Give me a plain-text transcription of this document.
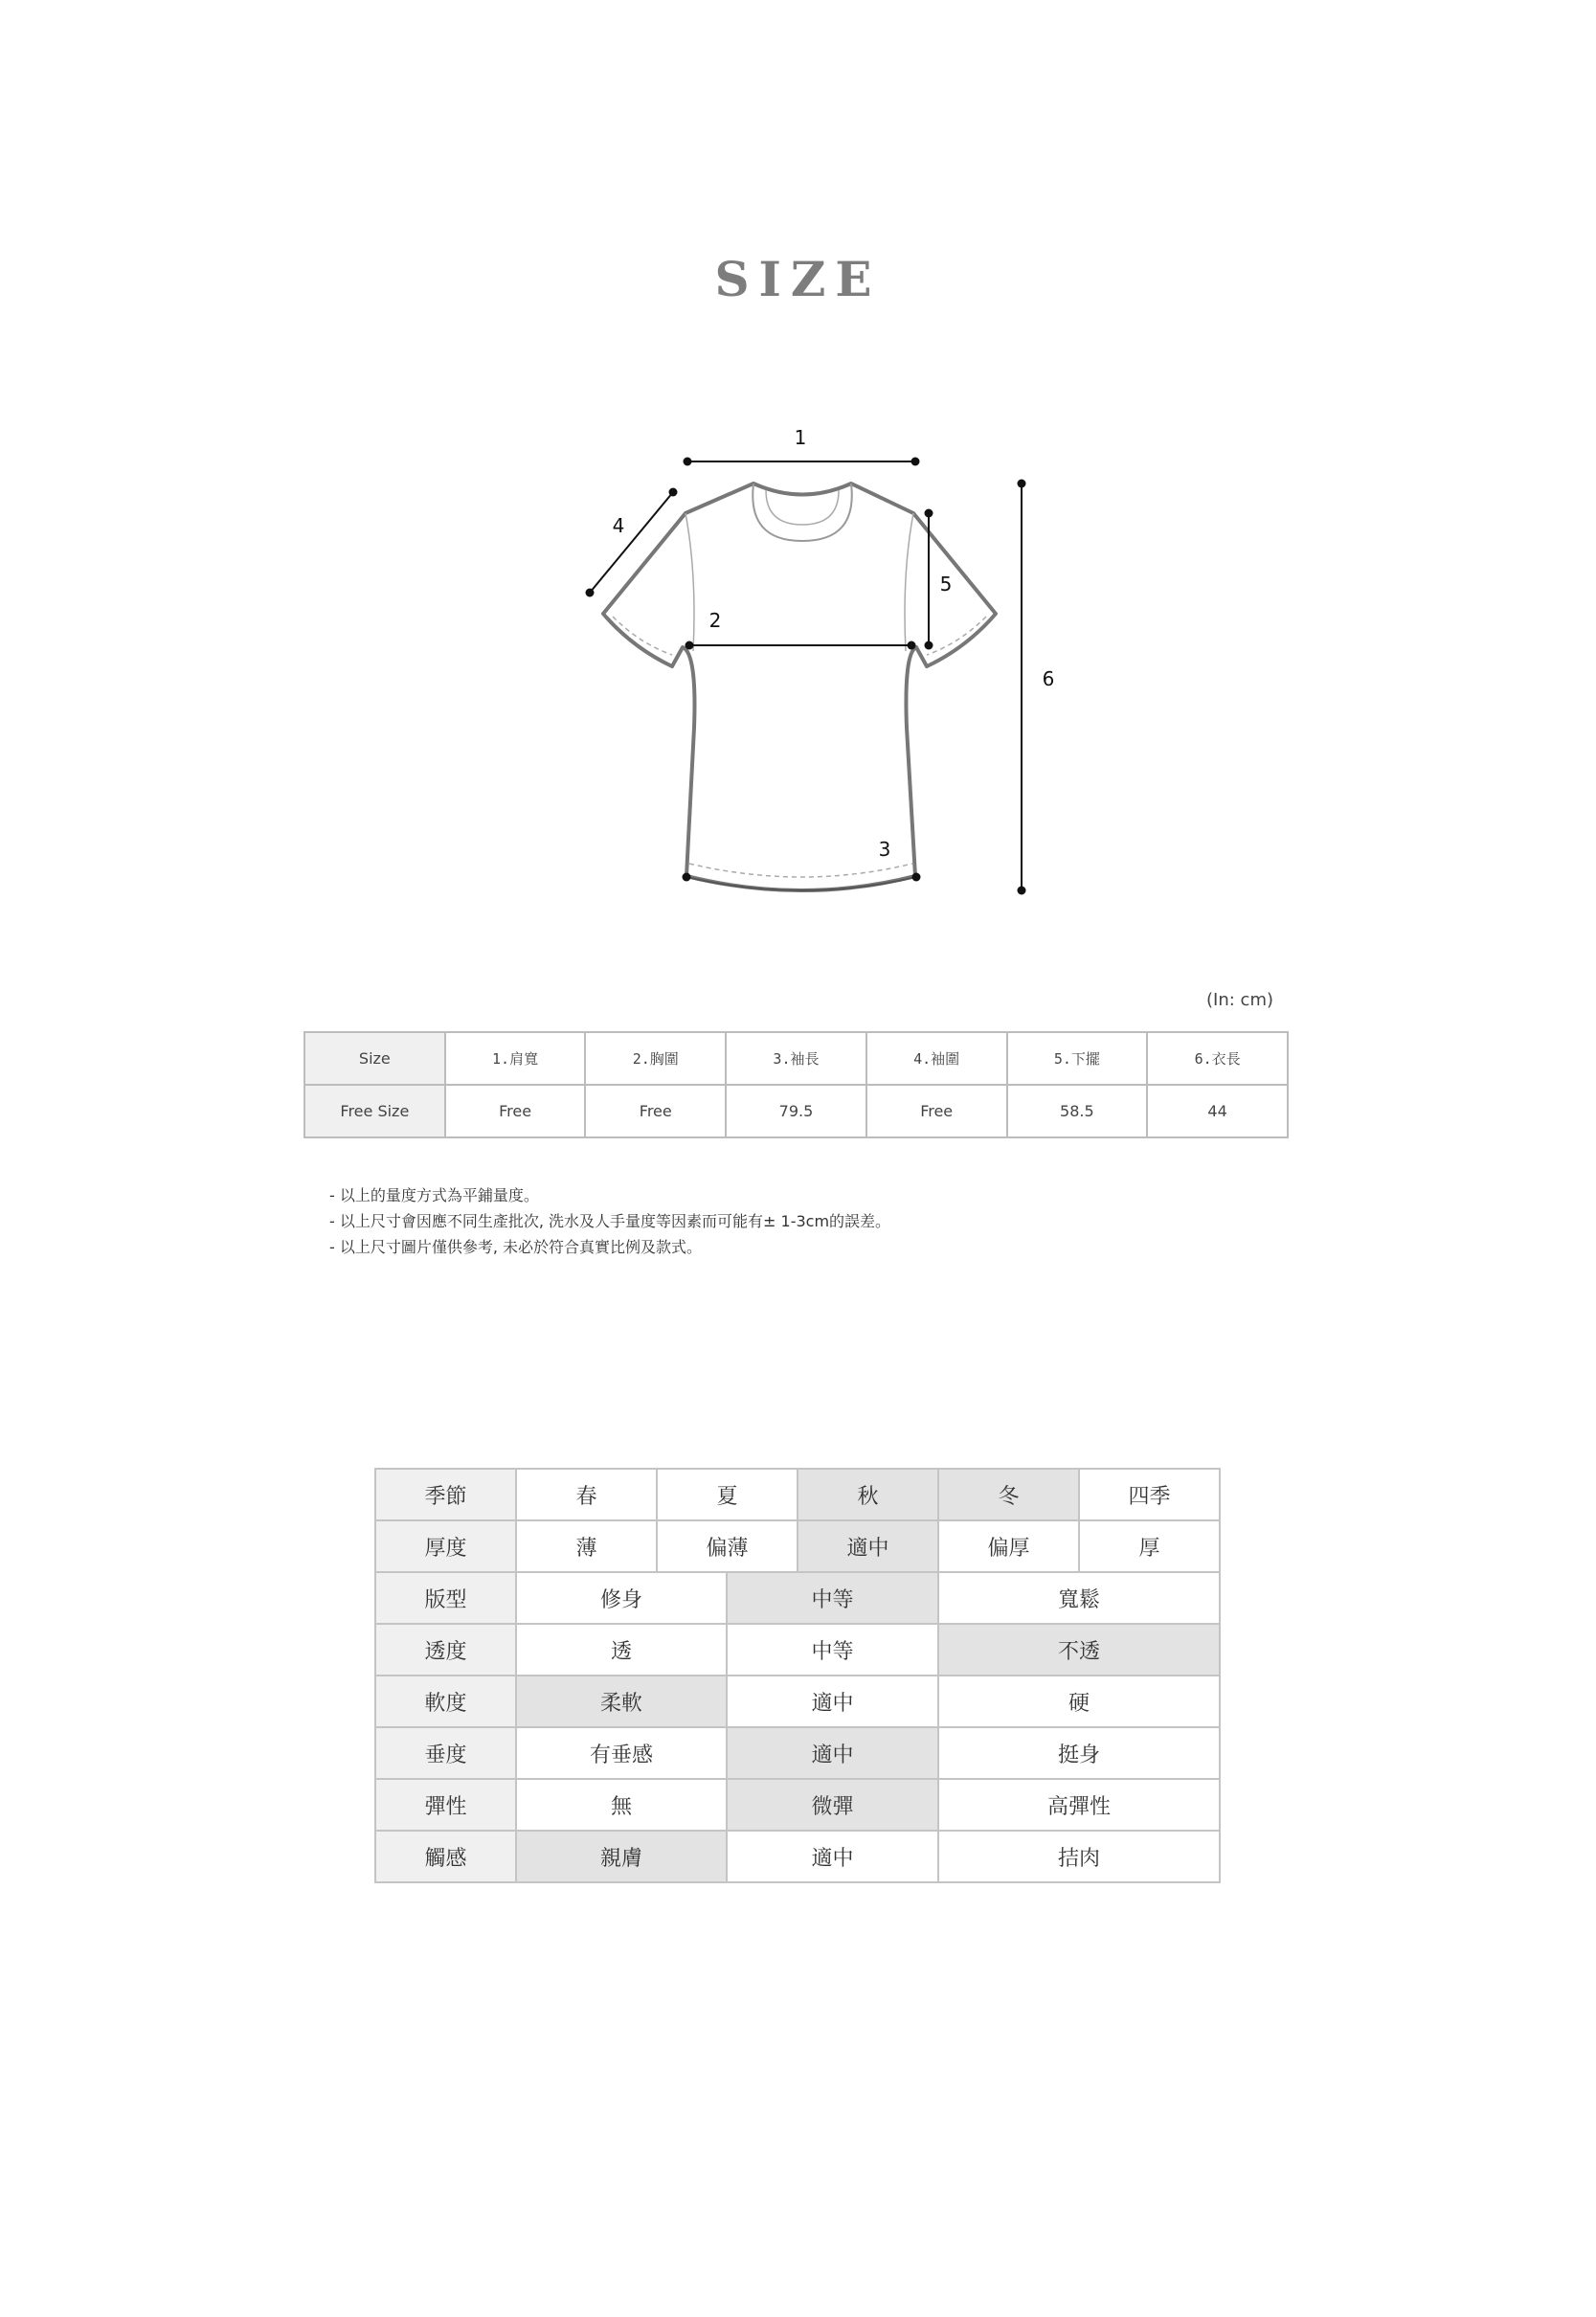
SIZE
1
2
3
4
5
6
(In: cm)
Size	1.肩寬	2.胸圍	3.袖長	4.袖圍	5.下擺	6.衣長
Free Size	Free	Free	79.5	Free	58.5	44
- 以上的量度方式為平鋪量度。
- 以上尺寸會因應不同生產批次, 洗水及人手量度等因素而可能有± 1-3cm的誤差。
- 以上尺寸圖片僅供參考, 未必於符合真實比例及款式。
季節	春	夏		秋	冬	四季
厚度	薄	偏薄		適中	偏厚	厚
版型	修身		中等		寬鬆	
透度	透		中等		不透	
軟度	柔軟		適中		硬	
垂度	有垂感		適中		挺身	
彈性	無		微彈		高彈性	
觸感	親膚		適中		拮肉	
